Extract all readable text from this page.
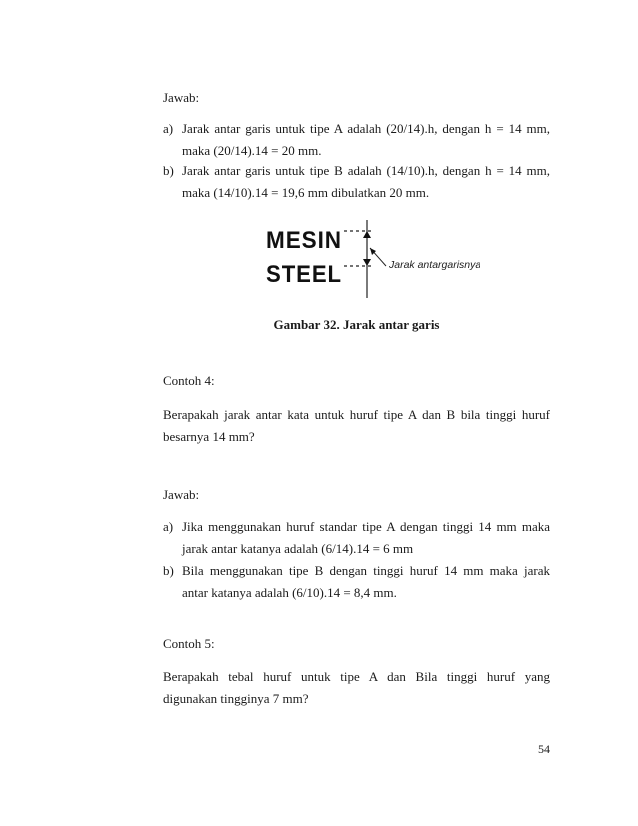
Jawab:
a) Jarak antar garis untuk tipe A adalah (20/14).h, dengan h = 14 mm,
maka (20/14).14 = 20 mm.
b) Jarak antar garis untuk tipe B adalah (14/10).h, dengan h = 14 mm,
maka (14/10).14 = 19,6 mm dibulatkan 20 mm.
MESIN
STEEL	Jarak antargarisnya
Gambar 32. Jarak antar garis
Contoh 4:
Berapakah jarak antar kata untuk huruf tipe A dan B bila tinggi huruf
besarnya 14 mm?
Jawab:
a) Jika menggunakan huruf standar tipe A dengan tinggi 14 mm maka
jarak antar katanya adalah (6/14).14 = 6 mm
b) Bila menggunakan tipe B dengan tinggi huruf 14 mm maka jarak
antar katanya adalah (6/10).14 = 8,4 mm.
Contoh 5:
Berapakah tebal huruf untuk tipe A dan Bila tinggi huruf yang
digunakan tingginya 7 mm?
54
